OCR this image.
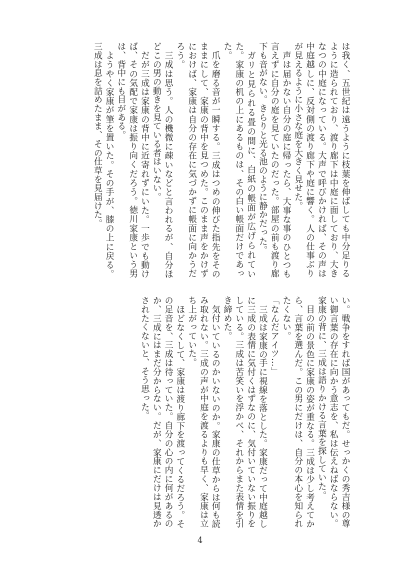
は我く、五世紀は遠うように枝葉を伸ばしても中分足りるように造られており、渡り廊下は中庭に面しており、大きなつの中庭になっている。大声で呼びかければ、その声は中庭越しに、反対側の渡り廊下や庭に響く。人の仕事ぶりが見えるように小さな庭を大きく見せた。

声は届かない自分の庭に帰ったら、大事な事のひとつも言えずに自分の庭を見ていたのだった。部屋の前も渡り廊下も音がない。きらりと光る池のように静かだった。

ガリと見られる畳の間に、白紙の帳面が広げられていた。家康の机の上にあるものは、その白い帳面だけであった。

爪を磨る音が一瞬する。三成はつめの伸びた指先をそのままにして、家康の背中を見つめた。このまま声をかけずにおけば、家康は自分の存在に気づかずに帳面に向かうだろう。

三成は思う。人の機微に疎いなどと言われるが、自分ほどこの男の動きを見ている者はいない。

だが三成は家康の背中に近寄れずにいた。一歩でも動けば、その気配で家康は振り向くだろう。徳川家康という男は、背中にも目がある。

ようやく家康が筆を置いた。その手が、膝の上に戻る。三成は息を詰めたまま、その仕草を見届けた。

い。戦争をすれば国があってもだ。せっかくの秀吉様の尊い御言葉の存在に向かう意志を、私は伝えねばならない。家康の背に、三成は語りかける言葉を探していた。

目の前の景色に家康の姿が重なる。三成は少し考えてから、言葉を選んだ。この男にだけは、自分の本心を知られたくない。

「なんだアイツ…」

三成は家康の手に視線を落とした。家康だって中庭越しに三成の表情に気付くはずなのに、気付いていない振りをしている。三成は苦笑いを浮かべ、それからまた表情を引き締めた。

気付いているのかいないのか。家康の仕草からは何も読み取れない。三成の声が中庭を渡るよりも早く、家康は立ち上がっていた。

ほどなくして、家康は渡り廊下を渡ってくるだろう。その足音を、三成は待っていた。自分の心の内に何があるのか、三成にはまだ分からない。だが、家康にだけは見透かされたくないと、そう思った。

4
